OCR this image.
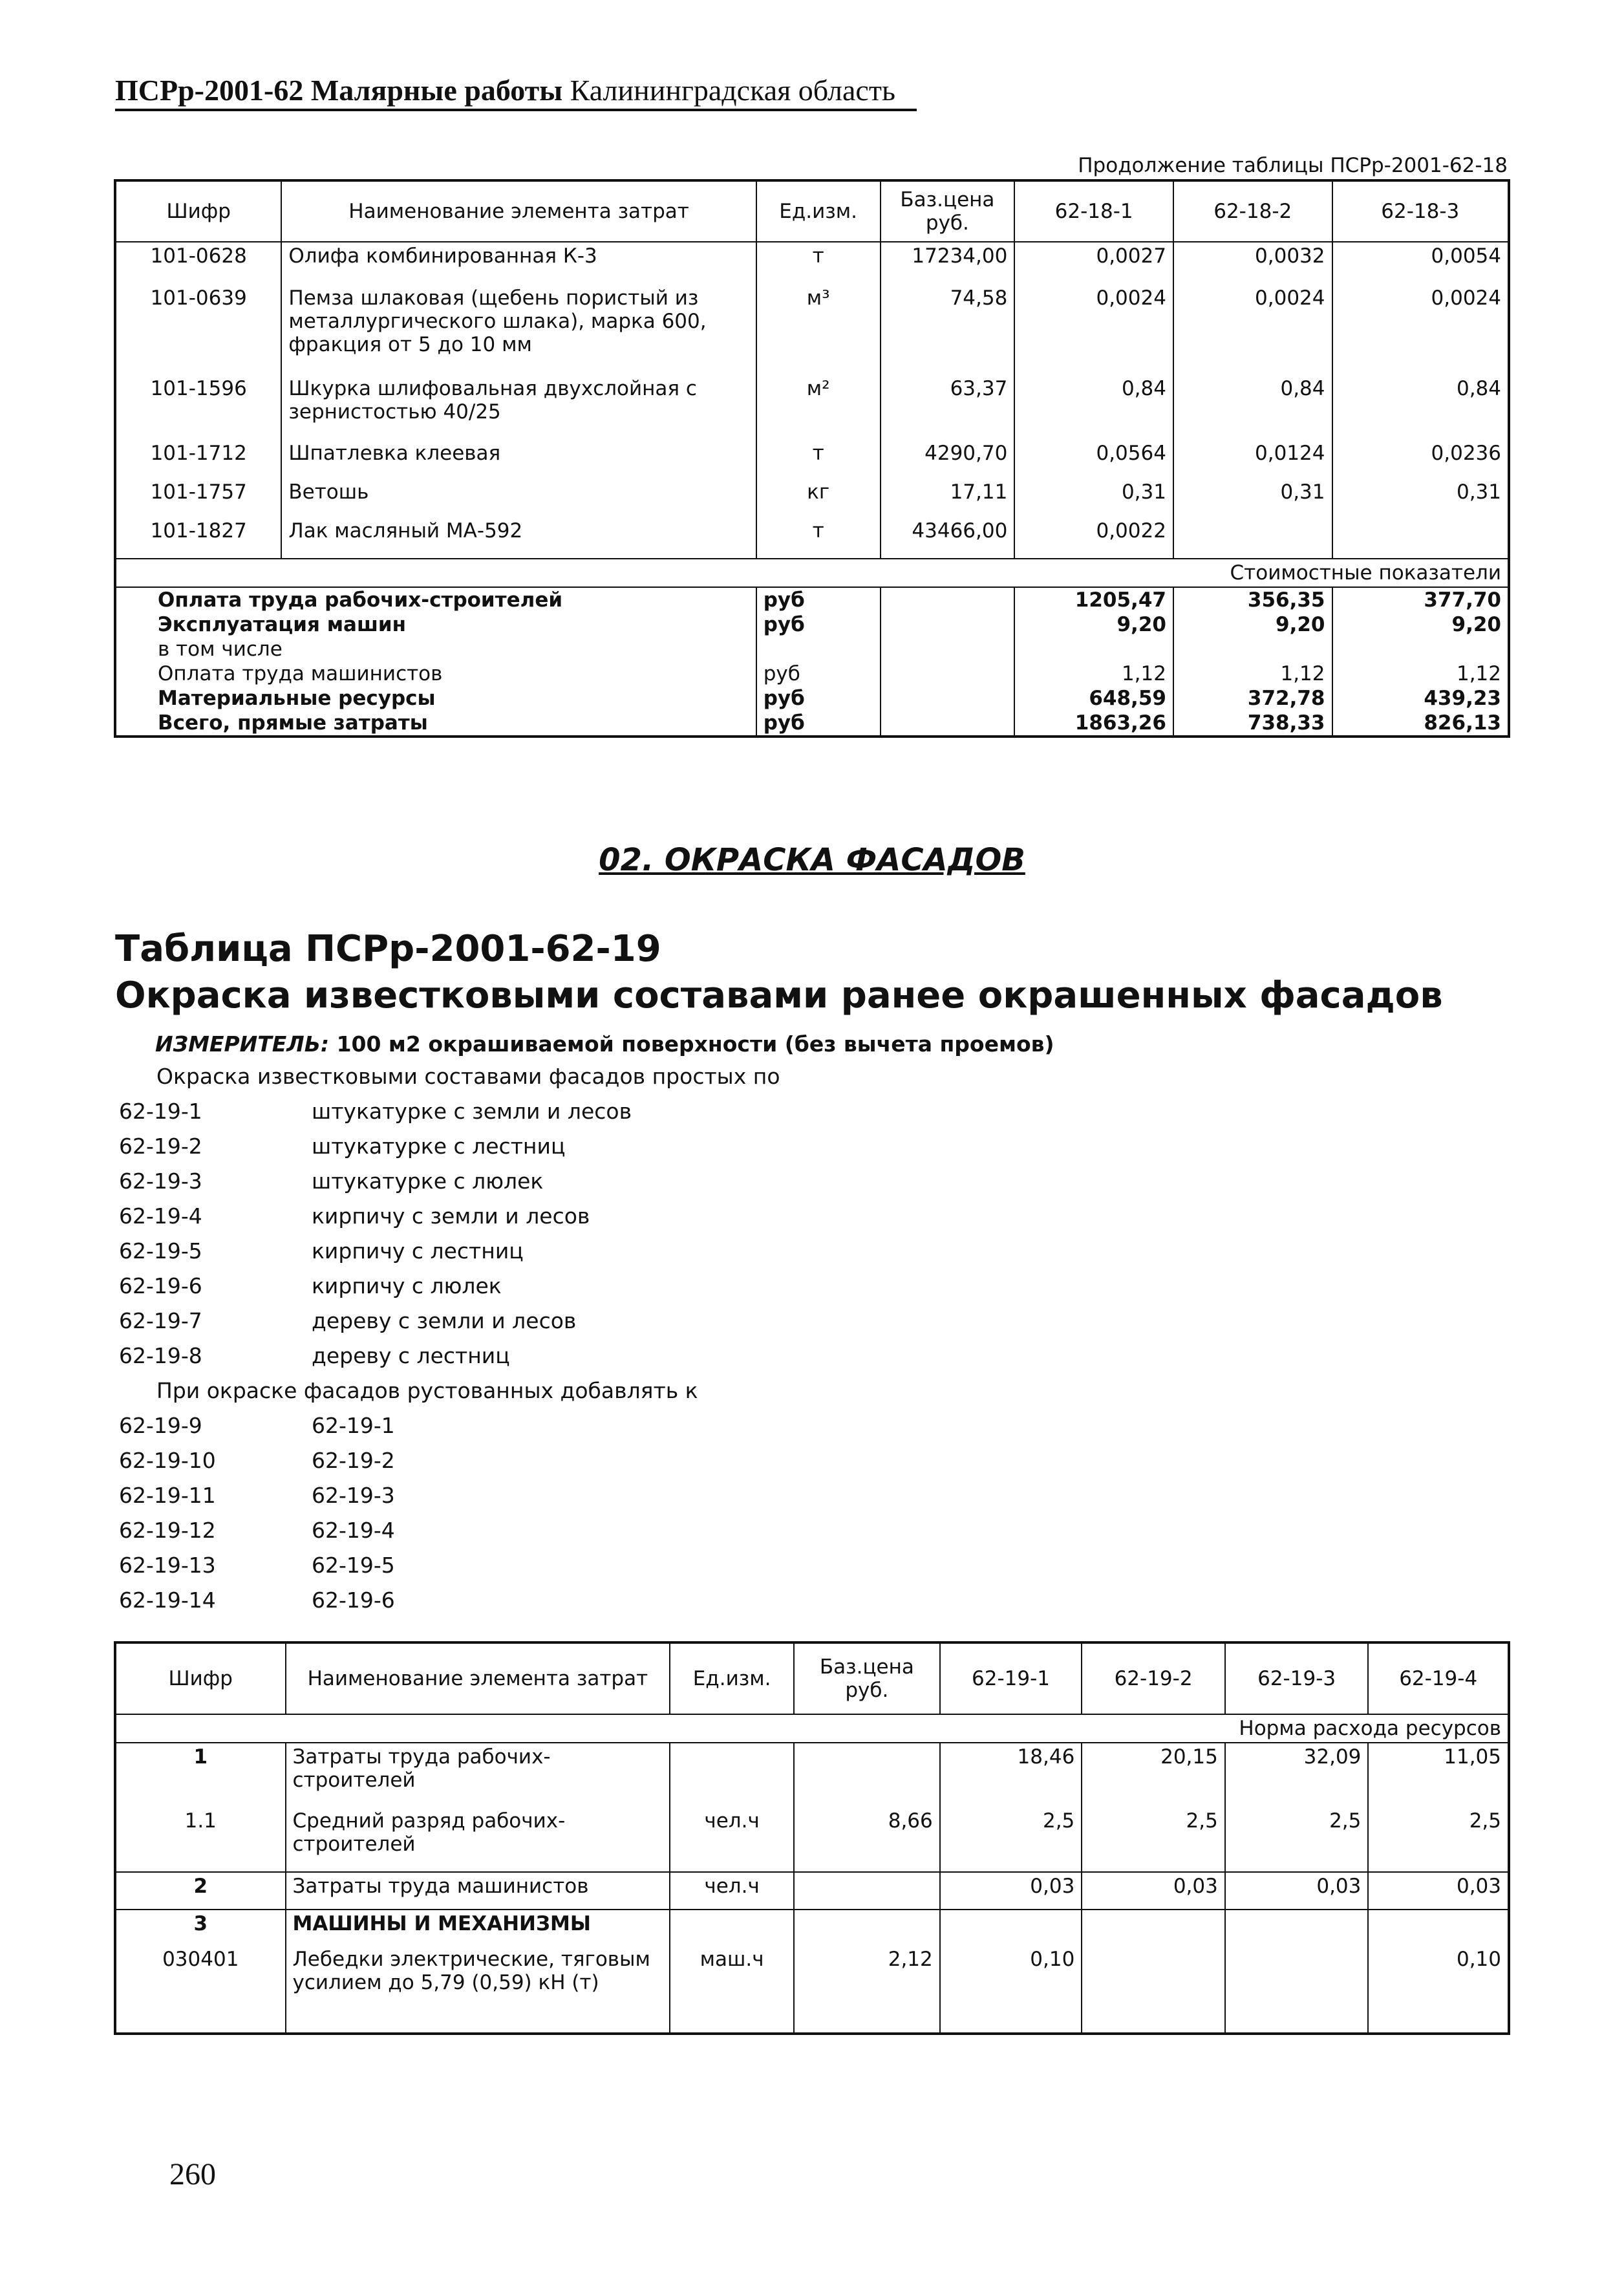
ПСРр-2001-62 Малярные работы Калининградская область
Продолжение таблицы ПСРр-2001-62-18
Шифр	Наименование элемента затрат	Ед.изм.	Баз.цена руб.	62-18-1	62-18-2	62-18-3
101-0628	Олифа комбинированная К-3	т	17234,00	0,0027	0,0032	0,0054
101-0639	Пемза шлаковая (щебень пористый из металлургического шлака), марка 600, фракция от 5 до 10 мм	м³	74,58	0,0024	0,0024	0,0024
101-1596	Шкурка шлифовальная двухслойная с зернистостью 40/25	м²	63,37	0,84	0,84	0,84
101-1712	Шпатлевка клеевая	т	4290,70	0,0564	0,0124	0,0236
101-1757	Ветошь	кг	17,11	0,31	0,31	0,31
101-1827	Лак масляный МА-592	т	43466,00	0,0022		
Стоимостные показатели						
Оплата труда рабочих-строителей		руб		1205,47	356,35	377,70
Эксплуатация машин		руб		9,20	9,20	9,20
в том числе						
Оплата труда машинистов		руб		1,12	1,12	1,12
Материальные ресурсы		руб		648,59	372,78	439,23
Всего, прямые затраты		руб		1863,26	738,33	826,13
02. ОКРАСКА ФАСАДОВ
Таблица ПСРр-2001-62-19
Окраска известковыми составами ранее окрашенных фасадов
ИЗМЕРИТЕЛЬ: 100 м2 окрашиваемой поверхности (без вычета проемов)
Окраска известковыми составами фасадов простых по
62-19-1	штукатурке с земли и лесов
62-19-2	штукатурке с лестниц
62-19-3	штукатурке с люлек
62-19-4	кирпичу с земли и лесов
62-19-5	кирпичу с лестниц
62-19-6	кирпичу с люлек
62-19-7	дереву с земли и лесов
62-19-8	дереву с лестниц
При окраске фасадов рустованных добавлять к
62-19-9	62-19-1
62-19-10	62-19-2
62-19-11	62-19-3
62-19-12	62-19-4
62-19-13	62-19-5
62-19-14	62-19-6
Шифр	Наименование элемента затрат	Ед.изм.	Баз.цена руб.	62-19-1	62-19-2	62-19-3	62-19-4
Норма расхода ресурсов							
1	Затраты труда рабочих-строителей			18,46	20,15	32,09	11,05
1.1	Средний разряд рабочих-строителей	чел.ч	8,66	2,5	2,5	2,5	2,5
2	Затраты труда машинистов	чел.ч		0,03	0,03	0,03	0,03
3	МАШИНЫ И МЕХАНИЗМЫ						
030401	Лебедки электрические, тяговым усилием до 5,79 (0,59) кН (т)	маш.ч	2,12	0,10			0,10
260
